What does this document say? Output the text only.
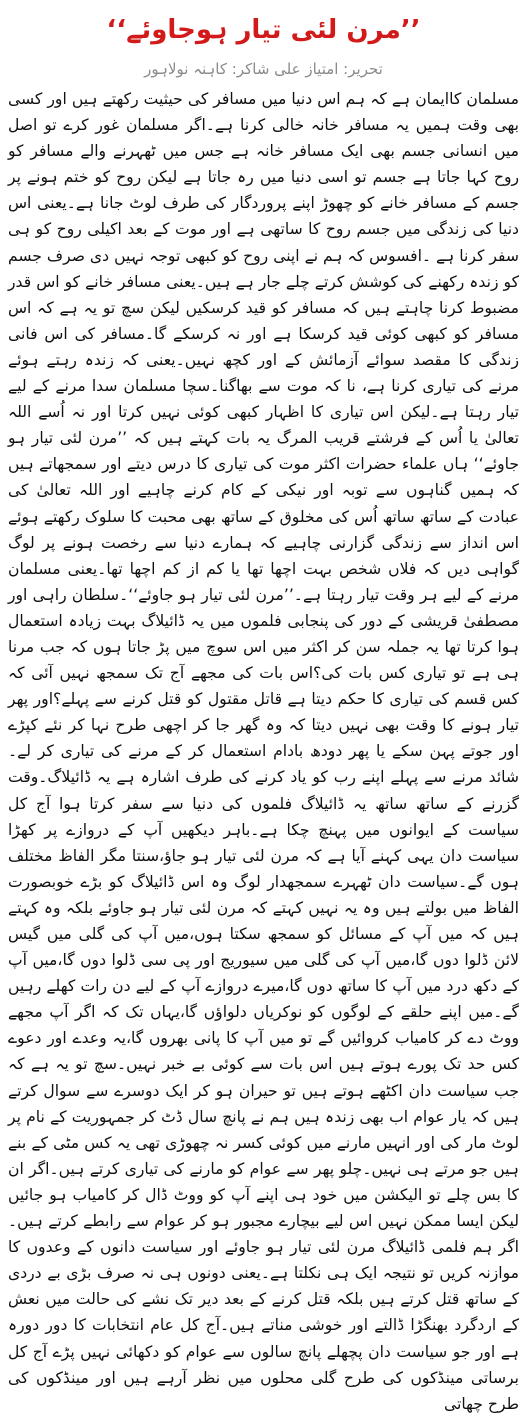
’’مرن لئی تیار ہوجاوئے‘‘

تحریر: امتیاز علی شاکر: کاہنہ نولاہور

مسلمان کاایمان ہے کہ ہم اس دنیا میں مسافر کی حیثیت رکھتے ہیں اور کسی بھی وقت ہمیں یہ مسافر خانہ خالی کرنا ہے۔اگر مسلمان غور کرے تو اصل میں انسانی جسم بھی ایک مسافر خانہ ہے جس میں ٹھہرنے والے مسافر کو روح کہا جاتا ہے جسم تو اسی دنیا میں رہ جاتا ہے لیکن روح کو ختم ہونے پر جسم کے مسافر خانے کو چھوڑ اپنے پروردگار کی طرف لوٹ جانا ہے۔یعنی اس دنیا کی زندگی میں جسم روح کا ساتھی ہے اور موت کے بعد اکیلی روح کو ہی سفر کرنا ہے ۔افسوس کہ ہم نے اپنی روح کو کبھی توجہ نہیں دی صرف جسم کو زندہ رکھنے کی کوشش کرتے چلے جار ہے ہیں۔یعنی مسافر خانے کو اس قدر مضبوط کرنا چاہتے ہیں کہ مسافر کو قید کرسکیں لیکن سچ تو یہ ہے کہ اس مسافر کو کبھی کوئی قید کرسکا ہے اور نہ کرسکے گا۔مسافر کی اس فانی زندگی کا مقصد سوائے آزمائش کے اور کچھ نہیں۔یعنی کہ زندہ رہتے ہوئے مرنے کی تیاری کرنا ہے، نا کہ موت سے بھاگنا۔سچا مسلمان سدا مرنے کے لیے تیار رہتا ہے۔لیکن اس تیاری کا اظہار کبھی کوئی نہیں کرتا اور نہ اُسے اللہ تعالیٰ یا اُس کے فرشتے قریب المرگ یہ بات کہتے ہیں کہ ’’مرن لئی تیار ہو جاوئے‘‘ ہاں علماء حضرات اکثر موت کی تیاری کا درس دیتے اور سمجھاتے ہیں کہ ہمیں گناہوں سے توبہ اور نیکی کے کام کرنے چاہیے اور اللہ تعالیٰ کی عبادت کے ساتھ ساتھ اُس کی مخلوق کے ساتھ بھی محبت کا سلوک رکھتے ہوئے اس انداز سے زندگی گزارنی چاہیے کہ ہمارے دنیا سے رخصت ہونے پر لوگ گواہی دیں کہ فلاں شخص بہت اچھا تھا یا کم از کم اچھا تھا۔یعنی مسلمان مرنے کے لیے ہر وقت تیار رہتا ہے۔’’مرن لئی تیار ہو جاوئے‘‘۔سلطان راہی اور مصطفیٰ قریشی کے دور کی پنجابی فلموں میں یہ ڈائیلاگ بہت زیادہ استعمال ہوا کرتا تھا یہ جملہ سن کر اکثر میں اس سوچ میں پڑ جاتا ہوں کہ جب مرنا ہی ہے تو تیاری کس بات کی؟اس بات کی مجھے آج تک سمجھ نہیں آئی کہ کس قسم کی تیاری کا حکم دیتا ہے قاتل مقتول کو قتل کرنے سے پہلے؟اور پھر تیار ہونے کا وقت بھی نہیں دیتا کہ وہ گھر جا کر اچھی طرح نہا کر نئے کپڑے اور جوتے پہن سکے یا پھر دودھ بادام استعمال کر کے مرنے کی تیاری کر لے۔شائد مرنے سے پہلے اپنے رب کو یاد کرنے کی طرف اشارہ ہے یہ ڈائیلاگ۔وقت گزرنے کے ساتھ ساتھ یہ ڈائیلاگ فلموں کی دنیا سے سفر کرتا ہوا آج کل سیاست کے ایوانوں میں پہنچ چکا ہے۔باہر دیکھیں آپ کے دروازے پر کھڑا سیاست دان یہی کہنے آیا ہے کہ مرن لئی تیار ہو جاؤ،سنتا مگر الفاظ مختلف ہوں گے۔سیاست دان ٹھہرے سمجھدار لوگ وہ اس ڈائیلاگ کو بڑے خوبصورت الفاظ میں بولتے ہیں وہ یہ نہیں کہتے کہ مرن لئی تیار ہو جاوئے بلکہ وہ کہتے ہیں کہ میں آپ کے مسائل کو سمجھ سکتا ہوں،میں آپ کی گلی میں گیس لائن ڈلوا دوں گا،میں آپ کی گلی میں سیوریج اور پی سی ڈلوا دوں گا،میں آپ کے دکھ درد میں آپ کا ساتھ دوں گا،میرے دروازے آپ کے لیے دن رات کھلے رہیں گے۔میں اپنے حلقے کے لوگوں کو نوکریاں دلواؤں گا،یہاں تک کہ اگر آپ مجھے ووٹ دے کر کامیاب کروائیں گے تو میں آپ کا پانی بھروں گا،یہ وعدے اور دعوے کس حد تک پورے ہوتے ہیں اس بات سے کوئی بے خبر نہیں۔سچ تو یہ ہے کہ جب سیاست دان اکٹھے ہوتے ہیں تو حیران ہو کر ایک دوسرے سے سوال کرتے ہیں کہ یار عوام اب بھی زندہ ہیں ہم نے پانچ سال ڈٹ کر جمہوریت کے نام پر لوٹ مار کی اور انہیں مارنے میں کوئی کسر نہ چھوڑی تھی یہ کس مٹی کے بنے ہیں جو مرتے ہی نہیں۔چلو پھر سے عوام کو مارنے کی تیاری کرتے ہیں۔اگر ان کا بس چلے تو الیکشن میں خود ہی اپنے آپ کو ووٹ ڈال کر کامیاب ہو جائیں لیکن ایسا ممکن نہیں اس لیے بیچارے مجبور ہو کر عوام سے رابطے کرتے ہیں۔اگر ہم فلمی ڈائیلاگ مرن لئی تیار ہو جاوئے اور سیاست دانوں کے وعدوں کا موازنہ کریں تو نتیجہ ایک ہی نکلتا ہے۔یعنی دونوں ہی نہ صرف بڑی بے دردی کے ساتھ قتل کرتے ہیں بلکہ قتل کرنے کے بعد دیر تک نشے کی حالت میں نعش کے اردگرد بھنگڑا ڈالتے اور خوشی مناتے ہیں۔آج کل عام انتخابات کا دور دورہ ہے اور جو سیاست دان پچھلے پانچ سالوں سے عوام کو دکھائی نہیں پڑے آج کل برساتی مینڈکوں کی طرح گلی محلوں میں نظر آرہے ہیں اور مینڈکوں کی طرح چھاتی
